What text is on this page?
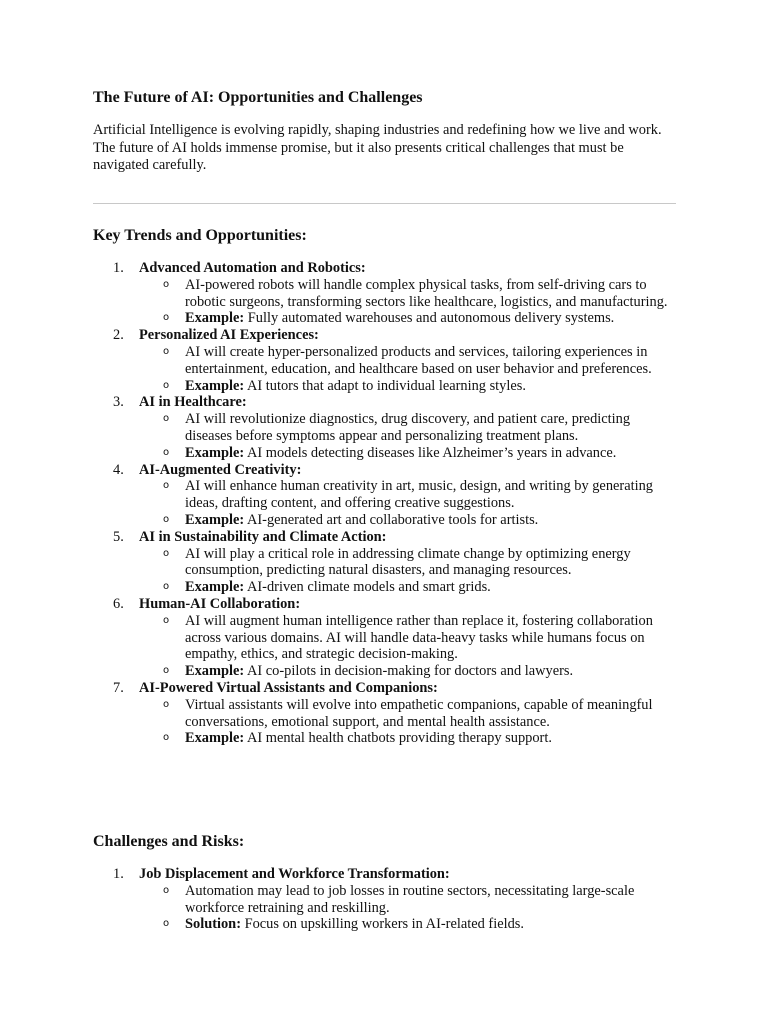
The Future of AI: Opportunities and Challenges
Artificial Intelligence is evolving rapidly, shaping industries and redefining how we live and work. The future of AI holds immense promise, but it also presents critical challenges that must be navigated carefully.
Key Trends and Opportunities:
1. Advanced Automation and Robotics:
o AI-powered robots will handle complex physical tasks, from self-driving cars to robotic surgeons, transforming sectors like healthcare, logistics, and manufacturing.
o Example: Fully automated warehouses and autonomous delivery systems.
2. Personalized AI Experiences:
o AI will create hyper-personalized products and services, tailoring experiences in entertainment, education, and healthcare based on user behavior and preferences.
o Example: AI tutors that adapt to individual learning styles.
3. AI in Healthcare:
o AI will revolutionize diagnostics, drug discovery, and patient care, predicting diseases before symptoms appear and personalizing treatment plans.
o Example: AI models detecting diseases like Alzheimer’s years in advance.
4. AI-Augmented Creativity:
o AI will enhance human creativity in art, music, design, and writing by generating ideas, drafting content, and offering creative suggestions.
o Example: AI-generated art and collaborative tools for artists.
5. AI in Sustainability and Climate Action:
o AI will play a critical role in addressing climate change by optimizing energy consumption, predicting natural disasters, and managing resources.
o Example: AI-driven climate models and smart grids.
6. Human-AI Collaboration:
o AI will augment human intelligence rather than replace it, fostering collaboration across various domains. AI will handle data-heavy tasks while humans focus on empathy, ethics, and strategic decision-making.
o Example: AI co-pilots in decision-making for doctors and lawyers.
7. AI-Powered Virtual Assistants and Companions:
o Virtual assistants will evolve into empathetic companions, capable of meaningful conversations, emotional support, and mental health assistance.
o Example: AI mental health chatbots providing therapy support.
Challenges and Risks:
1. Job Displacement and Workforce Transformation:
o Automation may lead to job losses in routine sectors, necessitating large-scale workforce retraining and reskilling.
o Solution: Focus on upskilling workers in AI-related fields.
